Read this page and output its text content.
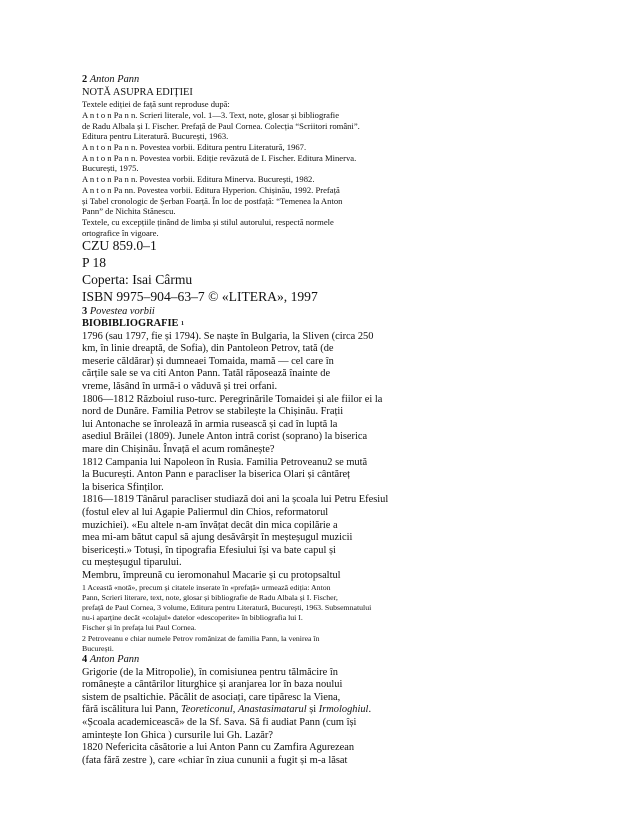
2 Anton Pann
NOTĂ ASUPRA EDIȚIEI
Textele ediției de față sunt reproduse după:
A n t o n Pa n n. Scrieri literale, vol. 1—3. Text, note, glosar și bibliografie
de Radu Albala și I. Fischer. Prefață de Paul Cornea. Colecția “Scriitori români”.
Editura pentru Literatură. București, 1963.
A n t o n Pa n n. Povestea vorbii. Editura pentru Literatură, 1967.
A n t o n Pa n n. Povestea vorbii. Ediție revăzută de I. Fischer. Editura Minerva.
București, 1975.
A n t o n Pa n n. Povestea vorbii. Editura Minerva. București, 1982.
A n t o n Pa nn. Povestea vorbii. Editura Hyperion. Chișinău, 1992. Prefață
și Tabel cronologic de Șerban Foarță. În loc de postfață: “Temenea la Anton
Pann” de Nichita Stănescu.
Textele, cu excepțiile ținând de limba și stilul autorului, respectă normele
ortografice în vigoare.
CZU 859.0–1
P 18
Coperta: Isai Cârmu
ISBN 9975–904–63–7 © «LITERA», 1997
3 Povestea vorbii
BIOBIBLIOGRAFIE 1
1796 (sau 1797, fie și 1794). Se naște în Bulgaria, la Sliven (circa 250
km, în linie dreaptă, de Sofia), din Pantoleon Petrov, tată (de
meserie căldărar) și dumneaei Tomaida, mamă — cel care în
cărțile sale se va citi Anton Pann. Tatăl răposează înainte de
vreme, lăsând în urmă-i o văduvă și trei orfani.
1806—1812 Războiul ruso-turc. Peregrinările Tomaidei și ale fiilor ei la
nord de Dunăre. Familia Petrov se stabilește la Chișinău. Frații
lui Antonache se înrolează în armia rusească și cad în luptă la
asediul Brăilei (1809). Junele Anton intră corist (soprano) la biserica
mare din Chișinău. Învață el acum românește?
1812 Campania lui Napoleon în Rusia. Familia Petroveanu2 se mută
la București. Anton Pann e paracliser la biserica Olari și cântăreț
la biserica Sfinților.
1816—1819 Tânărul paracliser studiază doi ani la școala lui Petru Efesiul
(fostul elev al lui Agapie Paliermul din Chios, reformatorul
muzichiei). «Eu altele n-am învățat decât din mica copilărie a
mea mi-am bătut capul să ajung desăvârșit în meșteșugul muzicii
bisericești.» Totuși, în tipografia Efesiului își va bate capul și
cu meșteșugul tiparului.
Membru, împreună cu ieromonahul Macarie și cu protopsaltul
1 Această «notă», precum și citatele inserate în «prefață» urmează ediția: Anton
Pann, Scrieri literare, text, note, glosar și bibliografie de Radu Albala și I. Fischer,
prefață de Paul Cornea, 3 volume, Editura pentru Literatură, București, 1963. Subsemnatului
nu-i aparține decât «colajul» datelor «descoperite» în bibliografia lui I.
Fischer și în prefața lui Paul Cornea.
2 Petroveanu e chiar numele Petrov românizat de familia Pann, la venirea în
București.
4 Anton Pann
Grigorie (de la Mitropolie), în comisiunea pentru tălmăcire în
românește a cântărilor liturghice și aranjarea lor în baza noului
sistem de psaltichie. Păcălit de asociați, care tipăresc la Viena,
fără iscălitura lui Pann, Teoreticonul, Anastasimatarul și Irmologhiul.
«Școala academicească» de la Sf. Sava. Să fi audiat Pann (cum își
amintește Ion Ghica ) cursurile lui Gh. Lazăr?
1820 Nefericita căsătorie a lui Anton Pann cu Zamfira Agurezean
(fata fără zestre ), care «chiar în ziua cununii a fugit și m-a lăsat
